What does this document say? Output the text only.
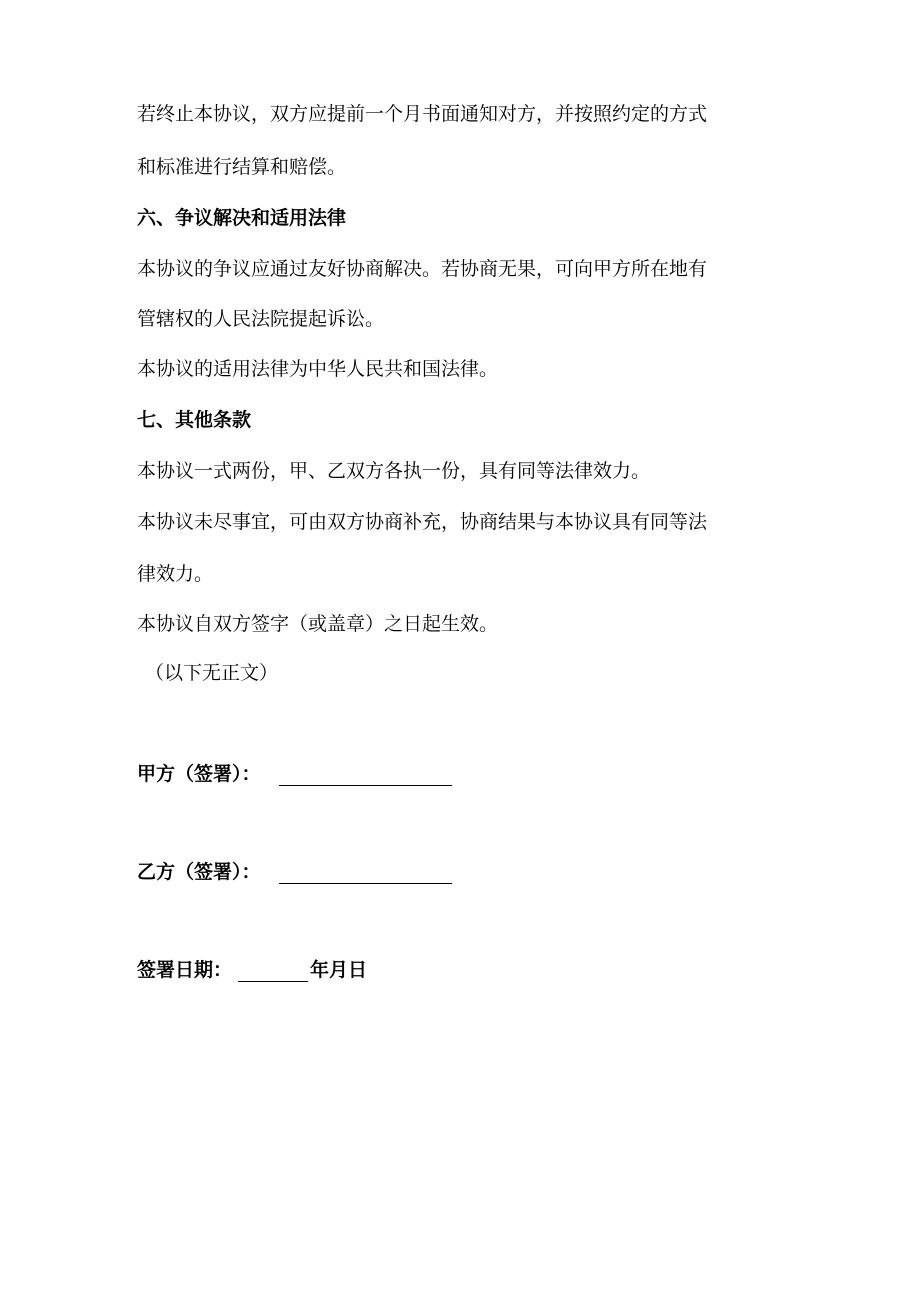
若终止本协议，双方应提前一个月书面通知对方，并按照约定的方式
和标准进行结算和赔偿。
六、争议解决和适用法律
本协议的争议应通过友好协商解决。若协商无果，可向甲方所在地有
管辖权的人民法院提起诉讼。
本协议的适用法律为中华人民共和国法律。
七、其他条款
本协议一式两份，甲、乙双方各执一份，具有同等法律效力。
本协议未尽事宜，可由双方协商补充，协商结果与本协议具有同等法
律效力。
本协议自双方签字（或盖章）之日起生效。
（以下无正文）
甲方（签署）：
乙方（签署）：
签署日期：	年月日
